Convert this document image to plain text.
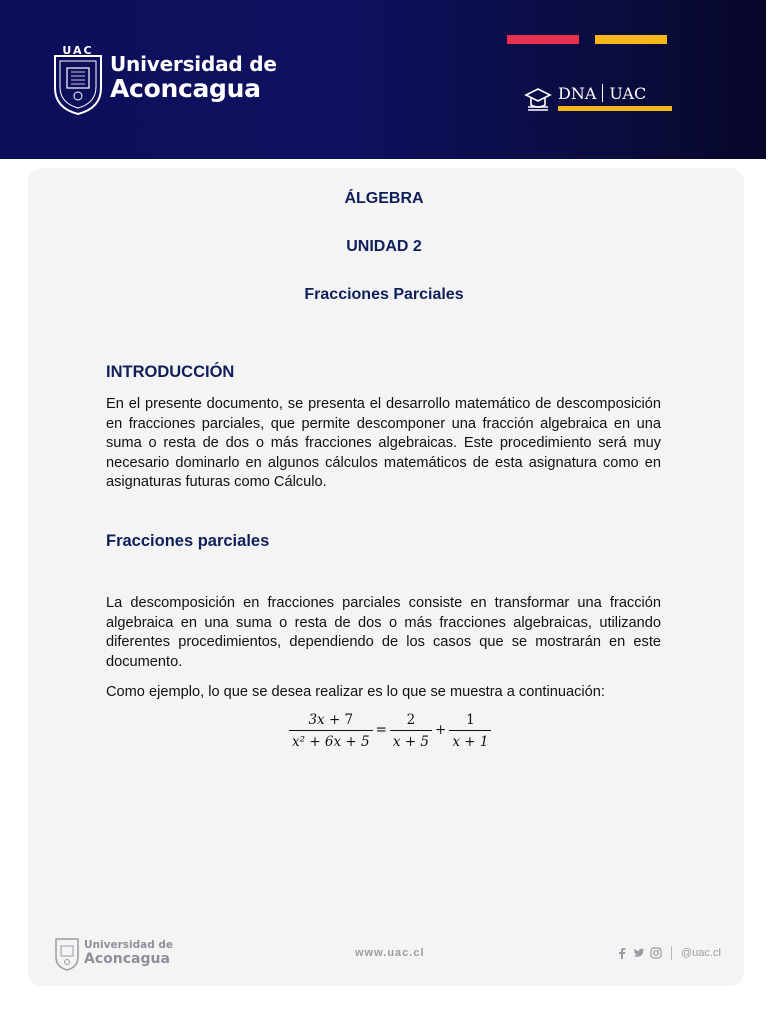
UAC
Universidad de
Aconcagua	DNA UAC
ÁLGEBRA
UNIDAD 2
Fracciones Parciales
INTRODUCCIÓN

En el presente documento, se presenta el desarrollo matemático de descomposición en fracciones parciales, que permite descomponer una fracción algebraica en una suma o resta de dos o más fracciones algebraicas. Este procedimiento será muy necesario dominarlo en algunos cálculos matemáticos de esta asignatura como en asignaturas futuras como Cálculo.

Fracciones parciales

La descomposición en fracciones parciales consiste en transformar una fracción algebraica en una suma o resta de dos o más fracciones algebraicas, utilizando diferentes procedimientos, dependiendo de los casos que se mostrarán en este documento.

Como ejemplo, lo que se desea realizar es lo que se muestra a continuación:

$\frac{3x + 7}{\text{x² + 6x + 5}} = \frac{2}{x + 5} + \frac{1}{x + 1}$
Universidad de
Aconcagua	www.uac.cl	@uac.cl
